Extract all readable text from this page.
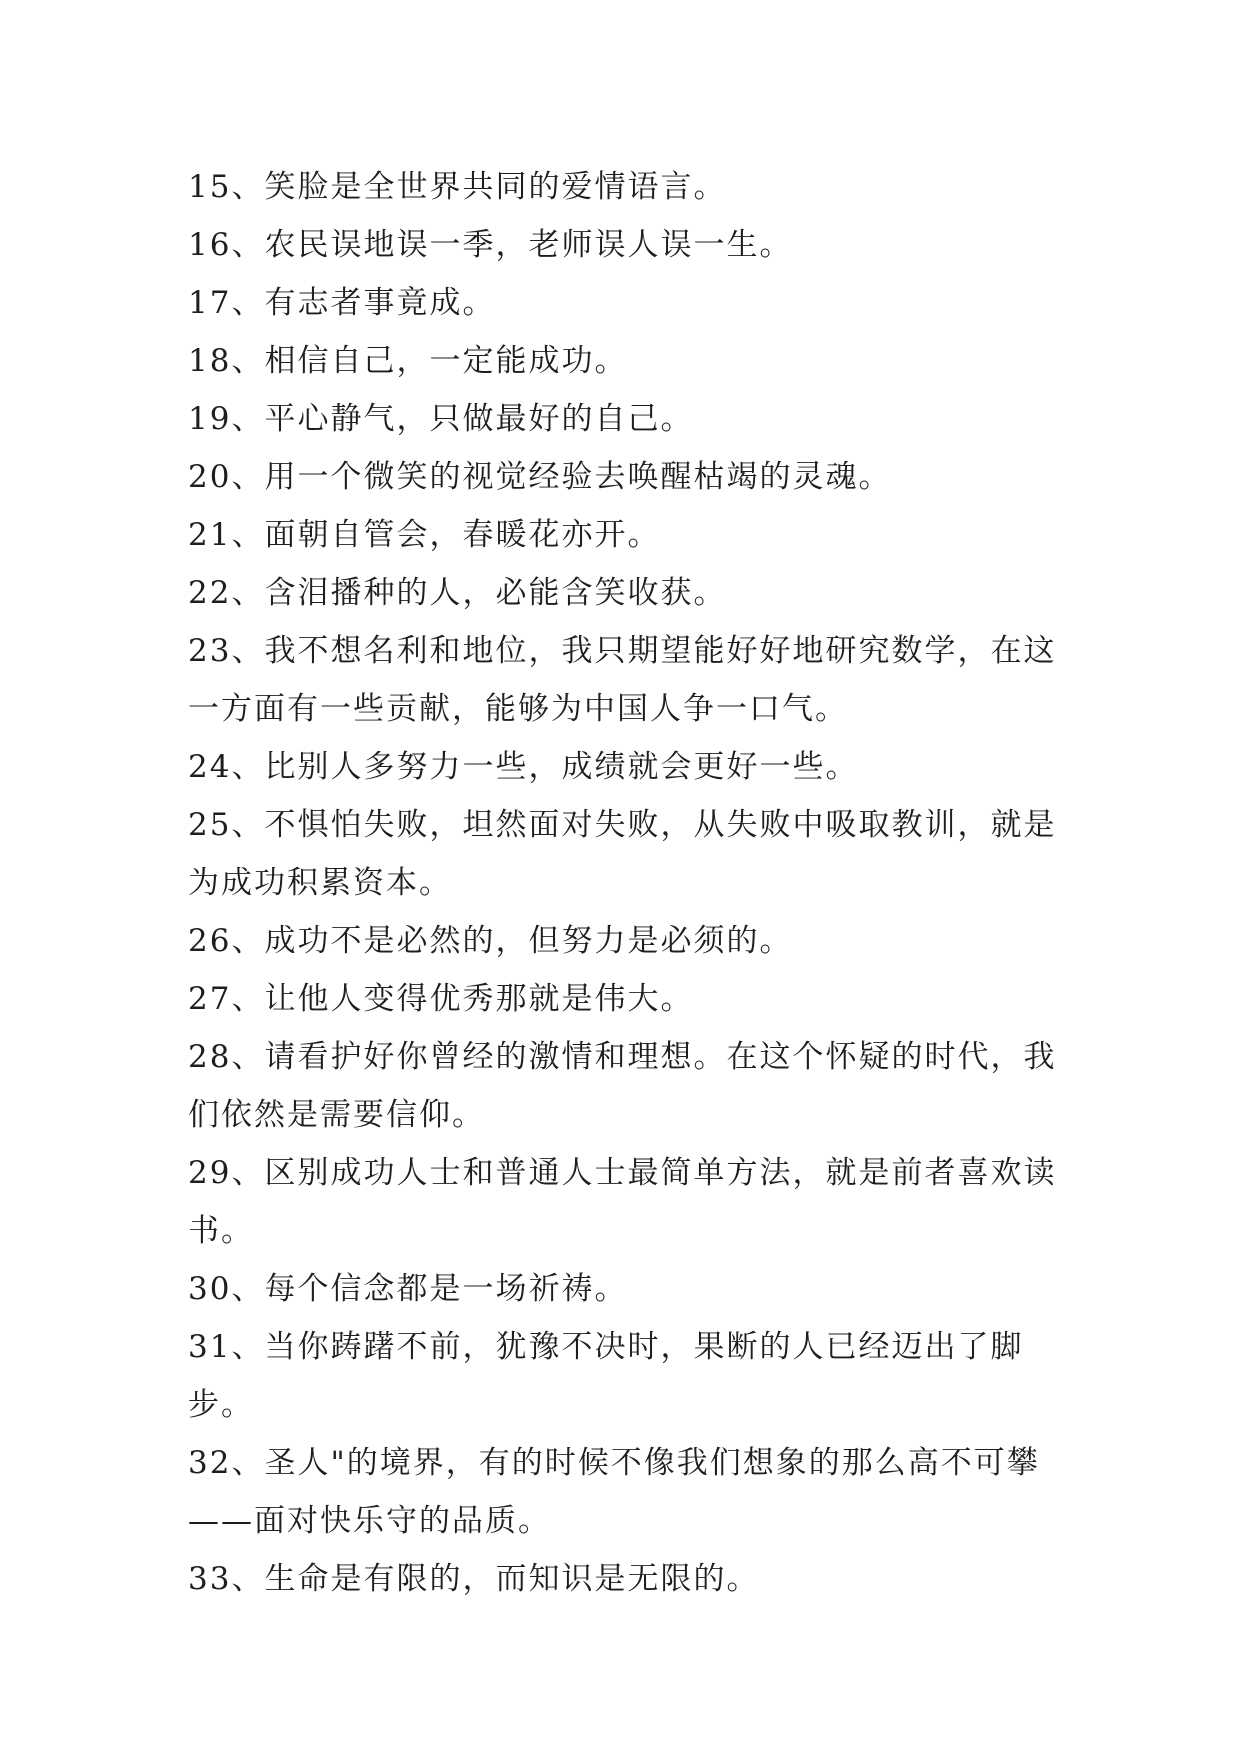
15、笑脸是全世界共同的爱情语言。

16、农民误地误一季，老师误人误一生。

17、有志者事竟成。

18、相信自己，一定能成功。

19、平心静气，只做最好的自己。

20、用一个微笑的视觉经验去唤醒枯竭的灵魂。

21、面朝自管会，春暖花亦开。

22、含泪播种的人，必能含笑收获。

23、我不想名利和地位，我只期望能好好地研究数学，在这一方面有一些贡献，能够为中国人争一口气。

24、比别人多努力一些，成绩就会更好一些。

25、不惧怕失败，坦然面对失败，从失败中吸取教训，就是为成功积累资本。

26、成功不是必然的，但努力是必须的。

27、让他人变得优秀那就是伟大。

28、请看护好你曾经的激情和理想。在这个怀疑的时代，我们依然是需要信仰。

29、区别成功人士和普通人士最简单方法，就是前者喜欢读书。

30、每个信念都是一场祈祷。

31、当你踌躇不前，犹豫不决时，果断的人已经迈出了脚步。

32、圣人"的境界，有的时候不像我们想象的那么高不可攀——面对快乐守的品质。

33、生命是有限的，而知识是无限的。
